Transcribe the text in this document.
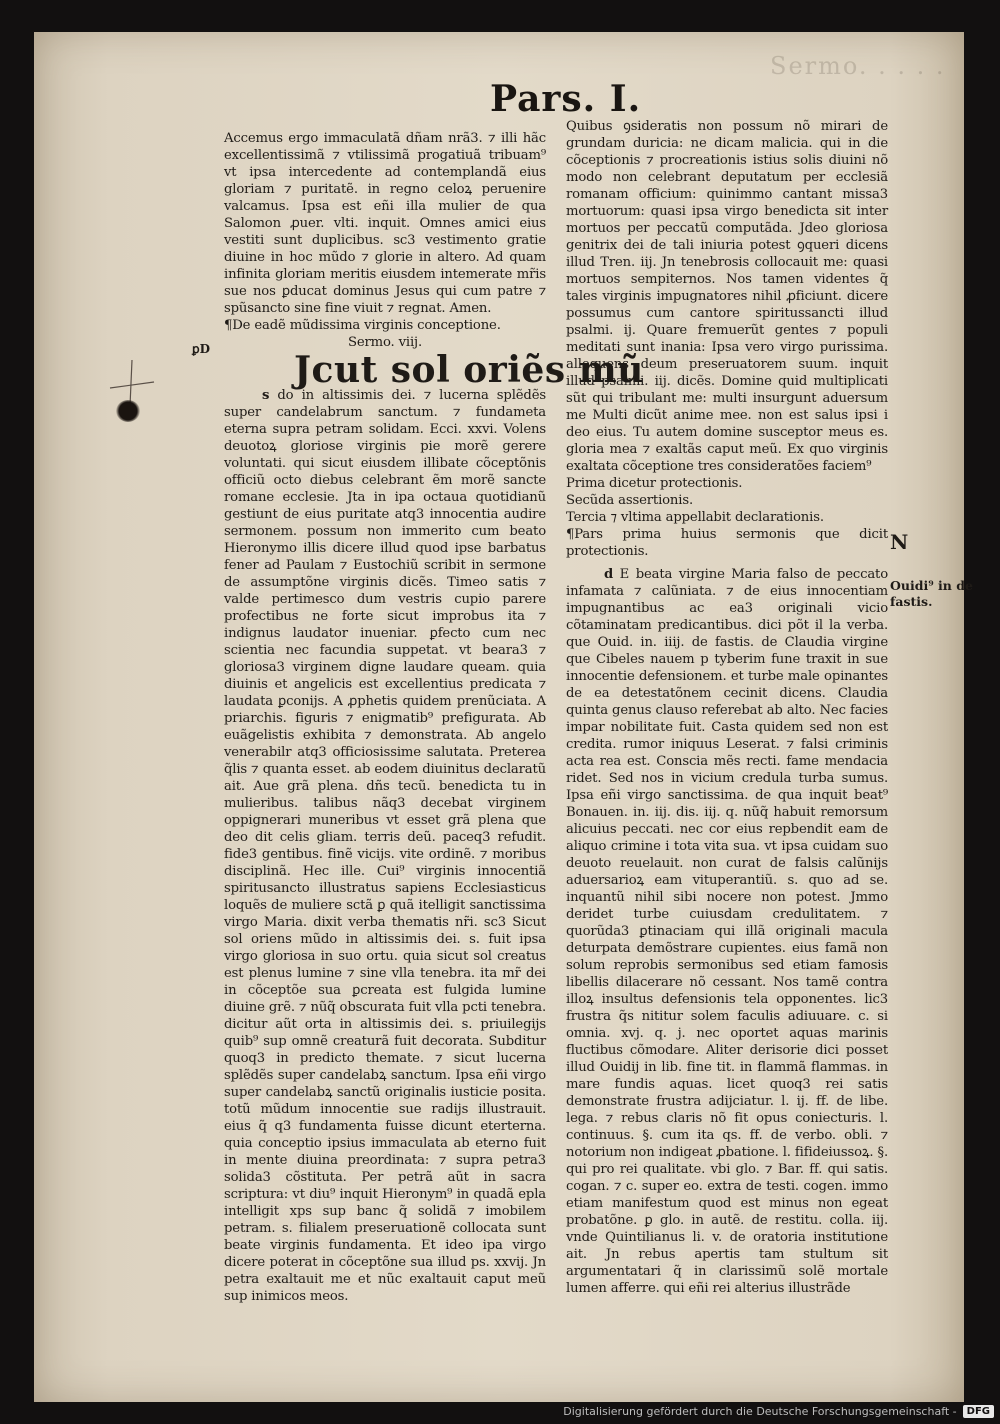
Sermo. . . . .
Pars. I.

Accemus ergo immaculatã dñam nrã3. ⁊ illi hãc excellentissimã ⁊ vtilissimã progatiuã tribuam⁹ vt ipsa intercedente ad contemplandã eius gloriam ⁊ puritatẽ. in regno celoꝝ peruenire valcamus. Ipsa est eñi illa mulier de qua Salomon ꝓuer. vlti. inquit. Omnes amici eius vestiti sunt duplicibus. sc3 vestimento gratie diuine in hoc mũdo ⁊ glorie in altero. Ad quam infinita gloriam meritis eiusdem intemerate mr̃is sue nos ꝑducat dominus Jesus qui cum patre ⁊ spũsancto sine fine viuit ⁊ regnat. Amen.

¶De eadẽ mũdissima virginis conceptione.

Sermo. viij.

Jcut sol oriẽs mũ

s do in altissimis dei. ⁊ lucerna splẽdẽs super candelabrum sanctum. ⁊ fundameta eterna supra petram solidam. Ecci. xxvi. Volens deuotoꝝ gloriose virginis pie morẽ gerere voluntati. qui sicut eiusdem illibate cõceptõnis officiũ octo diebus celebrant ẽm morẽ sancte romane ecclesie. Jta in ipa octaua quotidianũ gestiunt de eius puritate atq3 innocentia audire sermonem. possum non immerito cum beato Hieronymo illis dicere illud quod ipse barbatus fener ad Paulam ⁊ Eustochiũ scribit in sermone de assumptõne virginis dicẽs. Timeo satis ⁊ valde pertimesco dum vestris cupio parere profectibus ne forte sicut improbus ita ⁊ indignus laudator inueniar. ꝑfecto cum nec scientia nec facundia suppetat. vt beara3 ⁊ gloriosa3 virginem digne laudare queam. quia diuinis et angelicis est excellentius predicata ⁊ laudata ꝑconijs. A ꝓphetis quidem prenũciata. A priarchis. figuris ⁊ enigmatib⁹ prefigurata. Ab euãgelistis exhibita ⁊ demonstrata. Ab angelo venerabilr atq3 officiosissime salutata. Preterea q̃lis ⁊ quanta esset. ab eodem diuinitus declaratũ ait. Aue grã plena. dñs tecũ. benedicta tu in mulieribus. talibus nãq3 decebat virginem oppignerari muneribus vt esset grã plena que deo dit celis gliam. terris deũ. paceq3 refudit. fide3 gentibus. finẽ vicijs. vite ordinẽ. ⁊ moribus disciplinã. Hec ille. Cui⁹ virginis innocentiã spiritusancto illustratus sapiens Ecclesiasticus loquẽs de muliere sctã ꝑ quã itelligit sanctissima virgo Maria. dixit verba thematis nr̃i. sc3 Sicut sol oriens mũdo in altissimis dei. s. fuit ipsa virgo gloriosa in suo ortu. quia sicut sol creatus est plenus lumine ⁊ sine vlla tenebra. ita mr̃ dei in cõceptõe sua ꝑcreata est fulgida lumine diuine grẽ. ⁊ nũq̃ obscurata fuit vlla pcti tenebra. dicitur aũt orta in altissimis dei. s. priuilegijs quib⁹ sup omnẽ creaturã fuit decorata. Subditur quoq3 in predicto themate. ⁊ sicut lucerna splẽdẽs super candelabꝝ sanctum. Ipsa eñi virgo super candelabꝝ sanctũ originalis iusticie posita. totũ mũdum innocentie sue radijs illustrauit. eius q̃ q3 fundamenta fuisse dicunt eterterna. quia conceptio ipsius immaculata ab eterno fuit in mente diuina preordinata: ⁊ supra petra3 solida3 cõstituta. Per petrã aũt in sacra scriptura: vt diu⁹ inquit Hieronym⁹ in quadã epla intelligit xps sup banc q̃ solidã ⁊ imobilem petram. s. filialem preseruationẽ collocata sunt beate virginis fundamenta. Et ideo ipa virgo dicere poterat in cõceptõne sua illud ps. xxvij. Jn petra exaltauit me et nũc exaltauit caput meũ sup inimicos meos.

Quibus ꝯsideratis non possum nõ mirari de grundam duricia: ne dicam malicia. qui in die cõceptionis ⁊ procreationis istius solis diuini nõ modo non celebrant deputatum per ecclesiã romanam officium: quinimmo cantant missa3 mortuorum: quasi ipsa virgo benedicta sit inter mortuos per peccatũ computãda. Jdeo gloriosa genitrix dei de tali iniuria potest ꝯqueri dicens illud Tren. iij. Jn tenebrosis collocauit me: quasi mortuos sempiternos. Nos tamen videntes q̃ tales virginis impugnatores nihil ꝓficiunt. dicere possumus cum cantore spiritussancti illud psalmi. ij. Quare fremuerũt gentes ⁊ populi meditati sunt inania: Ipsa vero virgo purissima. alloquens deum preseruatorem suum. inquit illud psalmi. iij. dicẽs. Domine quid multiplicati sũt qui tribulant me: multi insurgunt aduersum me Multi dicũt anime mee. non est salus ipsi i deo eius. Tu autem domine susceptor meus es. gloria mea ⁊ exaltãs caput meũ. Ex quo virginis exaltata cõceptione tres consideratões faciem⁹

Prima dicetur protectionis.

Secũda assertionis.

Tercia ⁊ vltima appellabit declarationis.

¶Pars prima huius sermonis que dicit protectionis.

d E beata virgine Maria falso de peccato infamata ⁊ calũniata. ⁊ de eius innocentiam impugnantibus ac ea3 originali vicio cõtaminatam predicantibus. dici põt il la verba. que Ouid. in. iiij. de fastis. de Claudia virgine que Cibeles nauem p tyberim fune traxit in sue innocentie defensionem. et turbe male opinantes de ea detestatõnem cecinit dicens. Claudia quinta genus clauso referebat ab alto. Nec facies impar nobilitate fuit. Casta quidem sed non est credita. rumor iniquus Leserat. ⁊ falsi criminis acta rea est. Conscia mẽs recti. fame mendacia ridet. Sed nos in vicium credula turba sumus. Ipsa eñi virgo sanctissima. de qua inquit beat⁹ Bonauen. in. iij. dis. iij. q. nũq̃ habuit remorsum alicuius peccati. nec cor eius repbendit eam de aliquo crimine i tota vita sua. vt ipsa cuidam suo deuoto reuelauit. non curat de falsis calũnijs aduersarioꝝ eam vituperantiũ. s. quo ad se. inquantũ nihil sibi nocere non potest. Jmmo deridet turbe cuiusdam credulitatem. ⁊ quorũda3 ꝑtinaciam qui illã originali macula deturpata demõstrare cupientes. eius famã non solum reprobis sermonibus sed etiam famosis libellis dilacerare nõ cessant. Nos tamẽ contra illoꝝ insultus defensionis tela opponentes. lic3 frustra q̃s nititur solem faculis adiuuare. c. si omnia. xvj. q. j. nec oportet aquas marinis fluctibus cõmodare. Aliter derisorie dici posset illud Ouidij in lib. fine tit. in flammã flammas. in mare fundis aquas. licet quoq3 rei satis demonstrate frustra adijciatur. l. ij. ff. de libe. lega. ⁊ rebus claris nõ fit opus coniecturis. l. continuus. §. cum ita qs. ff. de verbo. obli. ⁊ notorium non indigeat ꝓbatione. l. fifideiussoꝝ. §. qui pro rei qualitate. vbi glo. ⁊ Bar. ff. qui satis. cogan. ⁊ c. super eo. extra de testi. cogen. immo etiam manifestum quod est minus non egeat probatõne. ꝑ glo. in autẽ. de restitu. colla. iij. vnde Quintilianus li. v. de oratoria institutione ait. Jn rebus apertis tam stultum sit argumentatari q̃ in clarissimũ solẽ mortale lumen afferre. qui eñi rei alterius illustrãde

ꝑD
N
Ouidi⁹ in de fastis.
Digitalisierung gefördert durch die Deutsche Forschungsgemeinschaft -	DFG
